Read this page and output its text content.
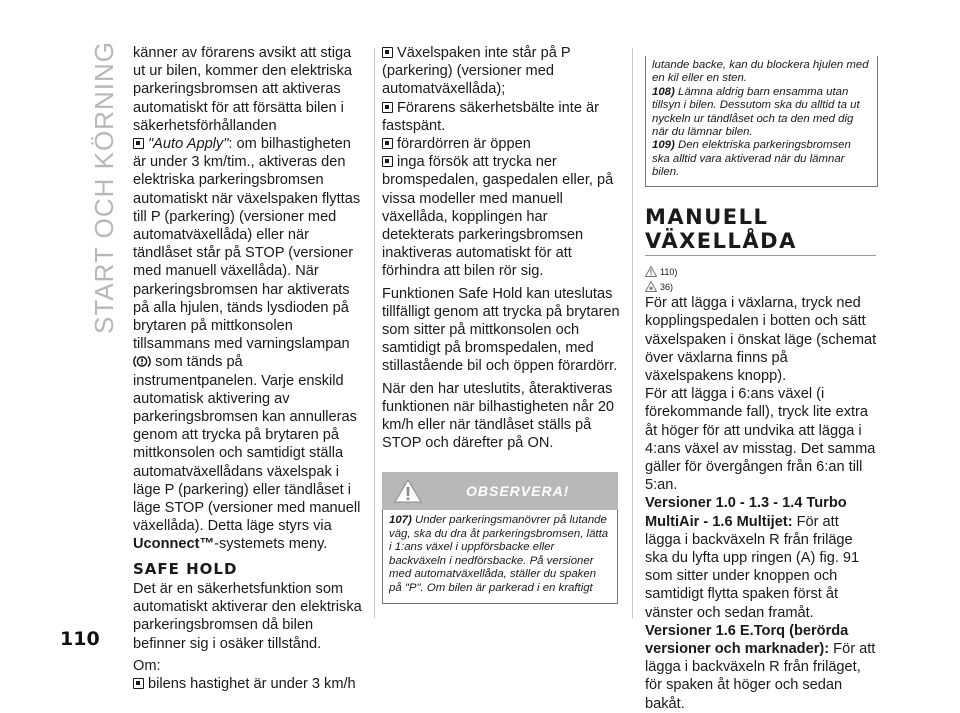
START OCH KÖRNING känner av förarens avsikt att stiga ut ur bilen, kommer den elektriska parkeringsbromsen att aktiveras automatiskt för att försätta bilen i säkerhetsförhållanden

"Auto Apply": om bilhastigheten är under 3 km/tim., aktiveras den elektriska parkeringsbromsen automatiskt när växelspaken flyttas till P (parkering) (versioner med automatväxellåda) eller när tändlåset står på STOP (versioner med manuell växellåda). När parkeringsbromsen har aktiverats på alla hjulen, tänds lysdioden på brytaren på mittkonsolen tillsammans med varningslampan  som tänds på instrumentpanelen. Varje enskild automatisk aktivering av parkeringsbromsen kan annulleras genom att trycka på brytaren på mittkonsolen och samtidigt ställa automatväxellådans växelspak i läge P (parkering) eller tändlåset i läge STOP (versioner med manuell växellåda). Detta läge styrs via Uconnect™-systemets meny.

SAFE HOLD

Det är en säkerhetsfunktion som automatiskt aktiverar den elektriska parkeringsbromsen då bilen befinner sig i osäker tillstånd.

Om:

bilens hastighet är under 3 km/h

Växelspaken inte står på P (parkering) (versioner med automatväxellåda);

Förarens säkerhetsbälte inte är fastspänt.

förardörren är öppen

inga försök att trycka ner bromspedalen, gaspedalen eller, på vissa modeller med manuell växellåda, kopplingen har detekterats parkeringsbromsen inaktiveras automatiskt för att förhindra att bilen rör sig.

Funktionen Safe Hold kan uteslutas tillfälligt genom att trycka på brytaren som sitter på mittkonsolen och samtidigt på bromspedalen, med stillastående bil och öppen förardörr.

När den har uteslutits, återaktiveras funktionen när bilhastigheten når 20 km/h eller när tändlåset ställs på STOP och därefter på ON.

OBSERVERA!
107) Under parkeringsmanövrer på lutande väg, ska du dra åt parkeringsbromsen, lätta i 1:ans växel i uppförsbacke eller backväxeln i nedförsbacke. På versioner med automatväxellåda, ställer du spaken på "P". Om bilen är parkerad i en kraftigt
lutande backe, kan du blockera hjulen med en kil eller en sten.
108) Lämna aldrig barn ensamma utan tillsyn i bilen. Dessutom ska du alltid ta ut nyckeln ur tändlåset och ta den med dig när du lämnar bilen.
109) Den elektriska parkeringsbromsen ska alltid vara aktiverad när du lämnar bilen.
MANUELL
VÄXELLÅDA
110)
36)

För att lägga i växlarna, tryck ned kopplingspedalen i botten och sätt växelspaken i önskat läge (schemat över växlarna finns på växelspakens knopp).

För att lägga i 6:ans växel (i förekommande fall), tryck lite extra åt höger för att undvika att lägga i 4:ans växel av misstag. Det samma gäller för övergången från 6:an till 5:an.

Versioner 1.0 - 1.3 - 1.4 Turbo MultiAir - 1.6 Multijet: För att lägga i backväxeln R från friläge ska du lyfta upp ringen (A) fig. 91 som sitter under knoppen och samtidigt flytta spaken först åt vänster och sedan framåt.

Versioner 1.6 E.Torq (berörda versioner och marknader): För att lägga i backväxeln R från friläget, för spaken åt höger och sedan bakåt.

110
